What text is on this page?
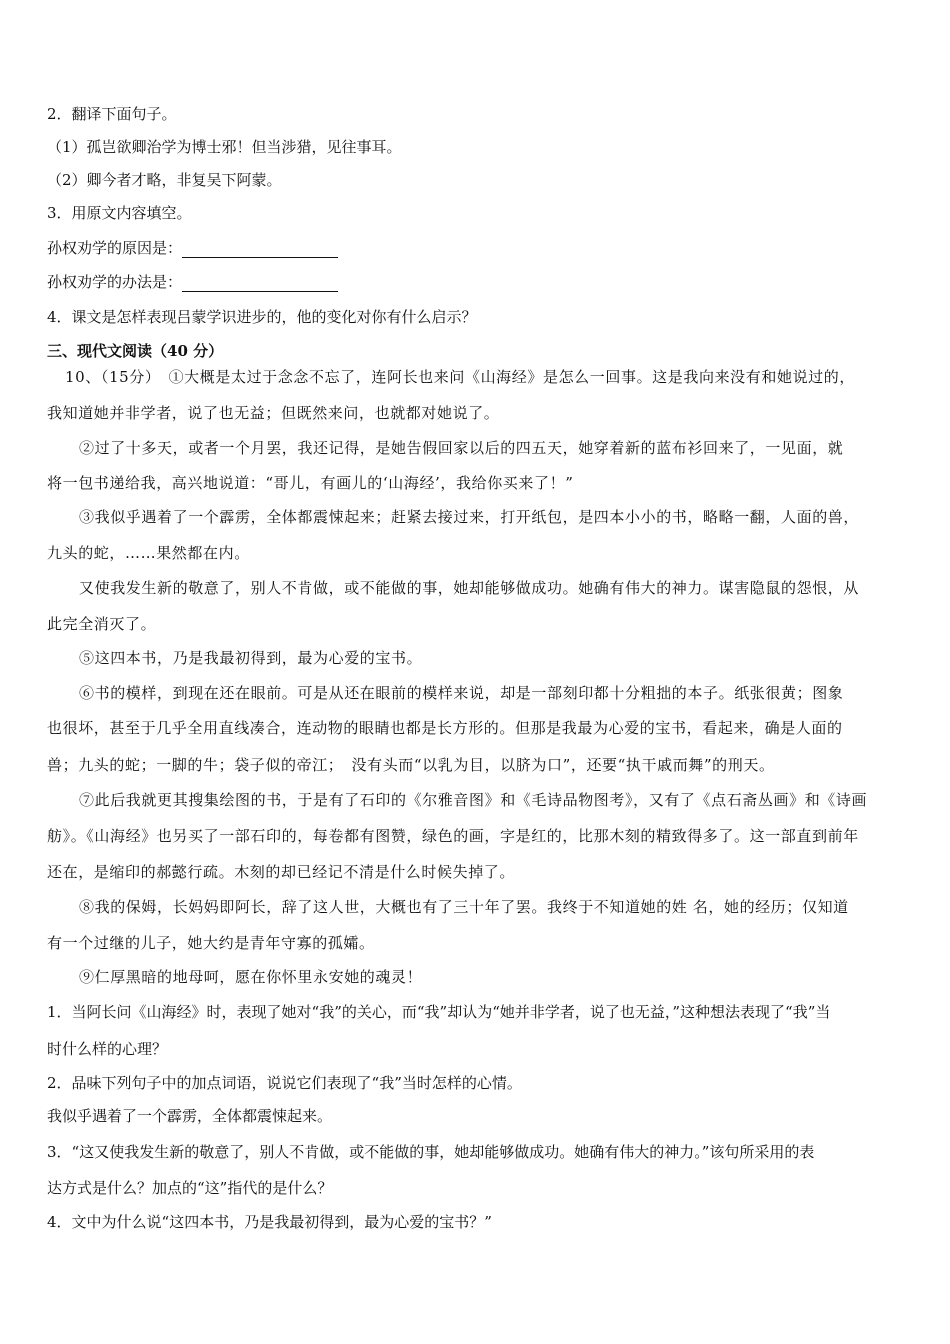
2．翻译下面句子。
（1）孤岂欲卿治学为博士邪！但当涉猎，见往事耳。
（2）卿今者才略，非复吴下阿蒙。
3．用原文内容填空。
孙权劝学的原因是：
孙权劝学的办法是：
4．课文是怎样表现吕蒙学识进步的，他的变化对你有什么启示？
三、现代文阅读（40 分）
10、（15分）　①大概是太过于念念不忘了，连阿长也来问《山海经》是怎么一回事。这是我向来没有和她说过的，
我知道她并非学者，说了也无益；但既然来问，也就都对她说了。
②过了十多天，或者一个月罢，我还记得，是她告假回家以后的四五天，她穿着新的蓝布衫回来了，一见面，就
将一包书递给我，高兴地说道：“哥儿，有画儿的‘山海经’，我给你买来了！”
③我似乎遇着了一个霹雳，全体都震悚起来；赶紧去接过来，打开纸包，是四本小小的书，略略一翻，人面的兽，
九头的蛇，……果然都在内。
又使我发生新的敬意了，别人不肯做，或不能做的事，她却能够做成功。她确有伟大的神力。谋害隐鼠的怨恨，从
此完全消灭了。
⑤这四本书，乃是我最初得到，最为心爱的宝书。
⑥书的模样，到现在还在眼前。可是从还在眼前的模样来说，却是一部刻印都十分粗拙的本子。纸张很黄；图象
也很坏，甚至于几乎全用直线凑合，连动物的眼睛也都是长方形的。但那是我最为心爱的宝书，看起来，确是人面的
兽；九头的蛇；一脚的牛；袋子似的帝江；　没有头而“以乳为目，以脐为口”，还要“执干戚而舞”的刑天。
⑦此后我就更其搜集绘图的书，于是有了石印的《尔雅音图》和《毛诗品物图考》，又有了《点石斋丛画》和《诗画
舫》。《山海经》也另买了一部石印的，每卷都有图赞，绿色的画，字是红的，比那木刻的精致得多了。这一部直到前年
还在，是缩印的郝懿行疏。木刻的却已经记不清是什么时候失掉了。
⑧我的保姆，长妈妈即阿长，辞了这人世，大概也有了三十年了罢。我终于不知道她的姓 名，她的经历；仅知道
有一个过继的儿子，她大约是青年守寡的孤孀。
⑨仁厚黑暗的地母呵，愿在你怀里永安她的魂灵！
1．当阿长问《山海经》时，表现了她对“我”的关心，而“我”却认为“她并非学者，说了也无益，”这种想法表现了“我”当
时什么样的心理？
2．品味下列句子中的加点词语，说说它们表现了“我”当时怎样的心情。
我似乎遇着了一个霹雳，全体都震悚起来。
3．“这又使我发生新的敬意了，别人不肯做，或不能做的事，她却能够做成功。她确有伟大的神力。”该句所采用的表
达方式是什么？加点的“这”指代的是什么？
4．文中为什么说“这四本书，乃是我最初得到，最为心爱的宝书？”
